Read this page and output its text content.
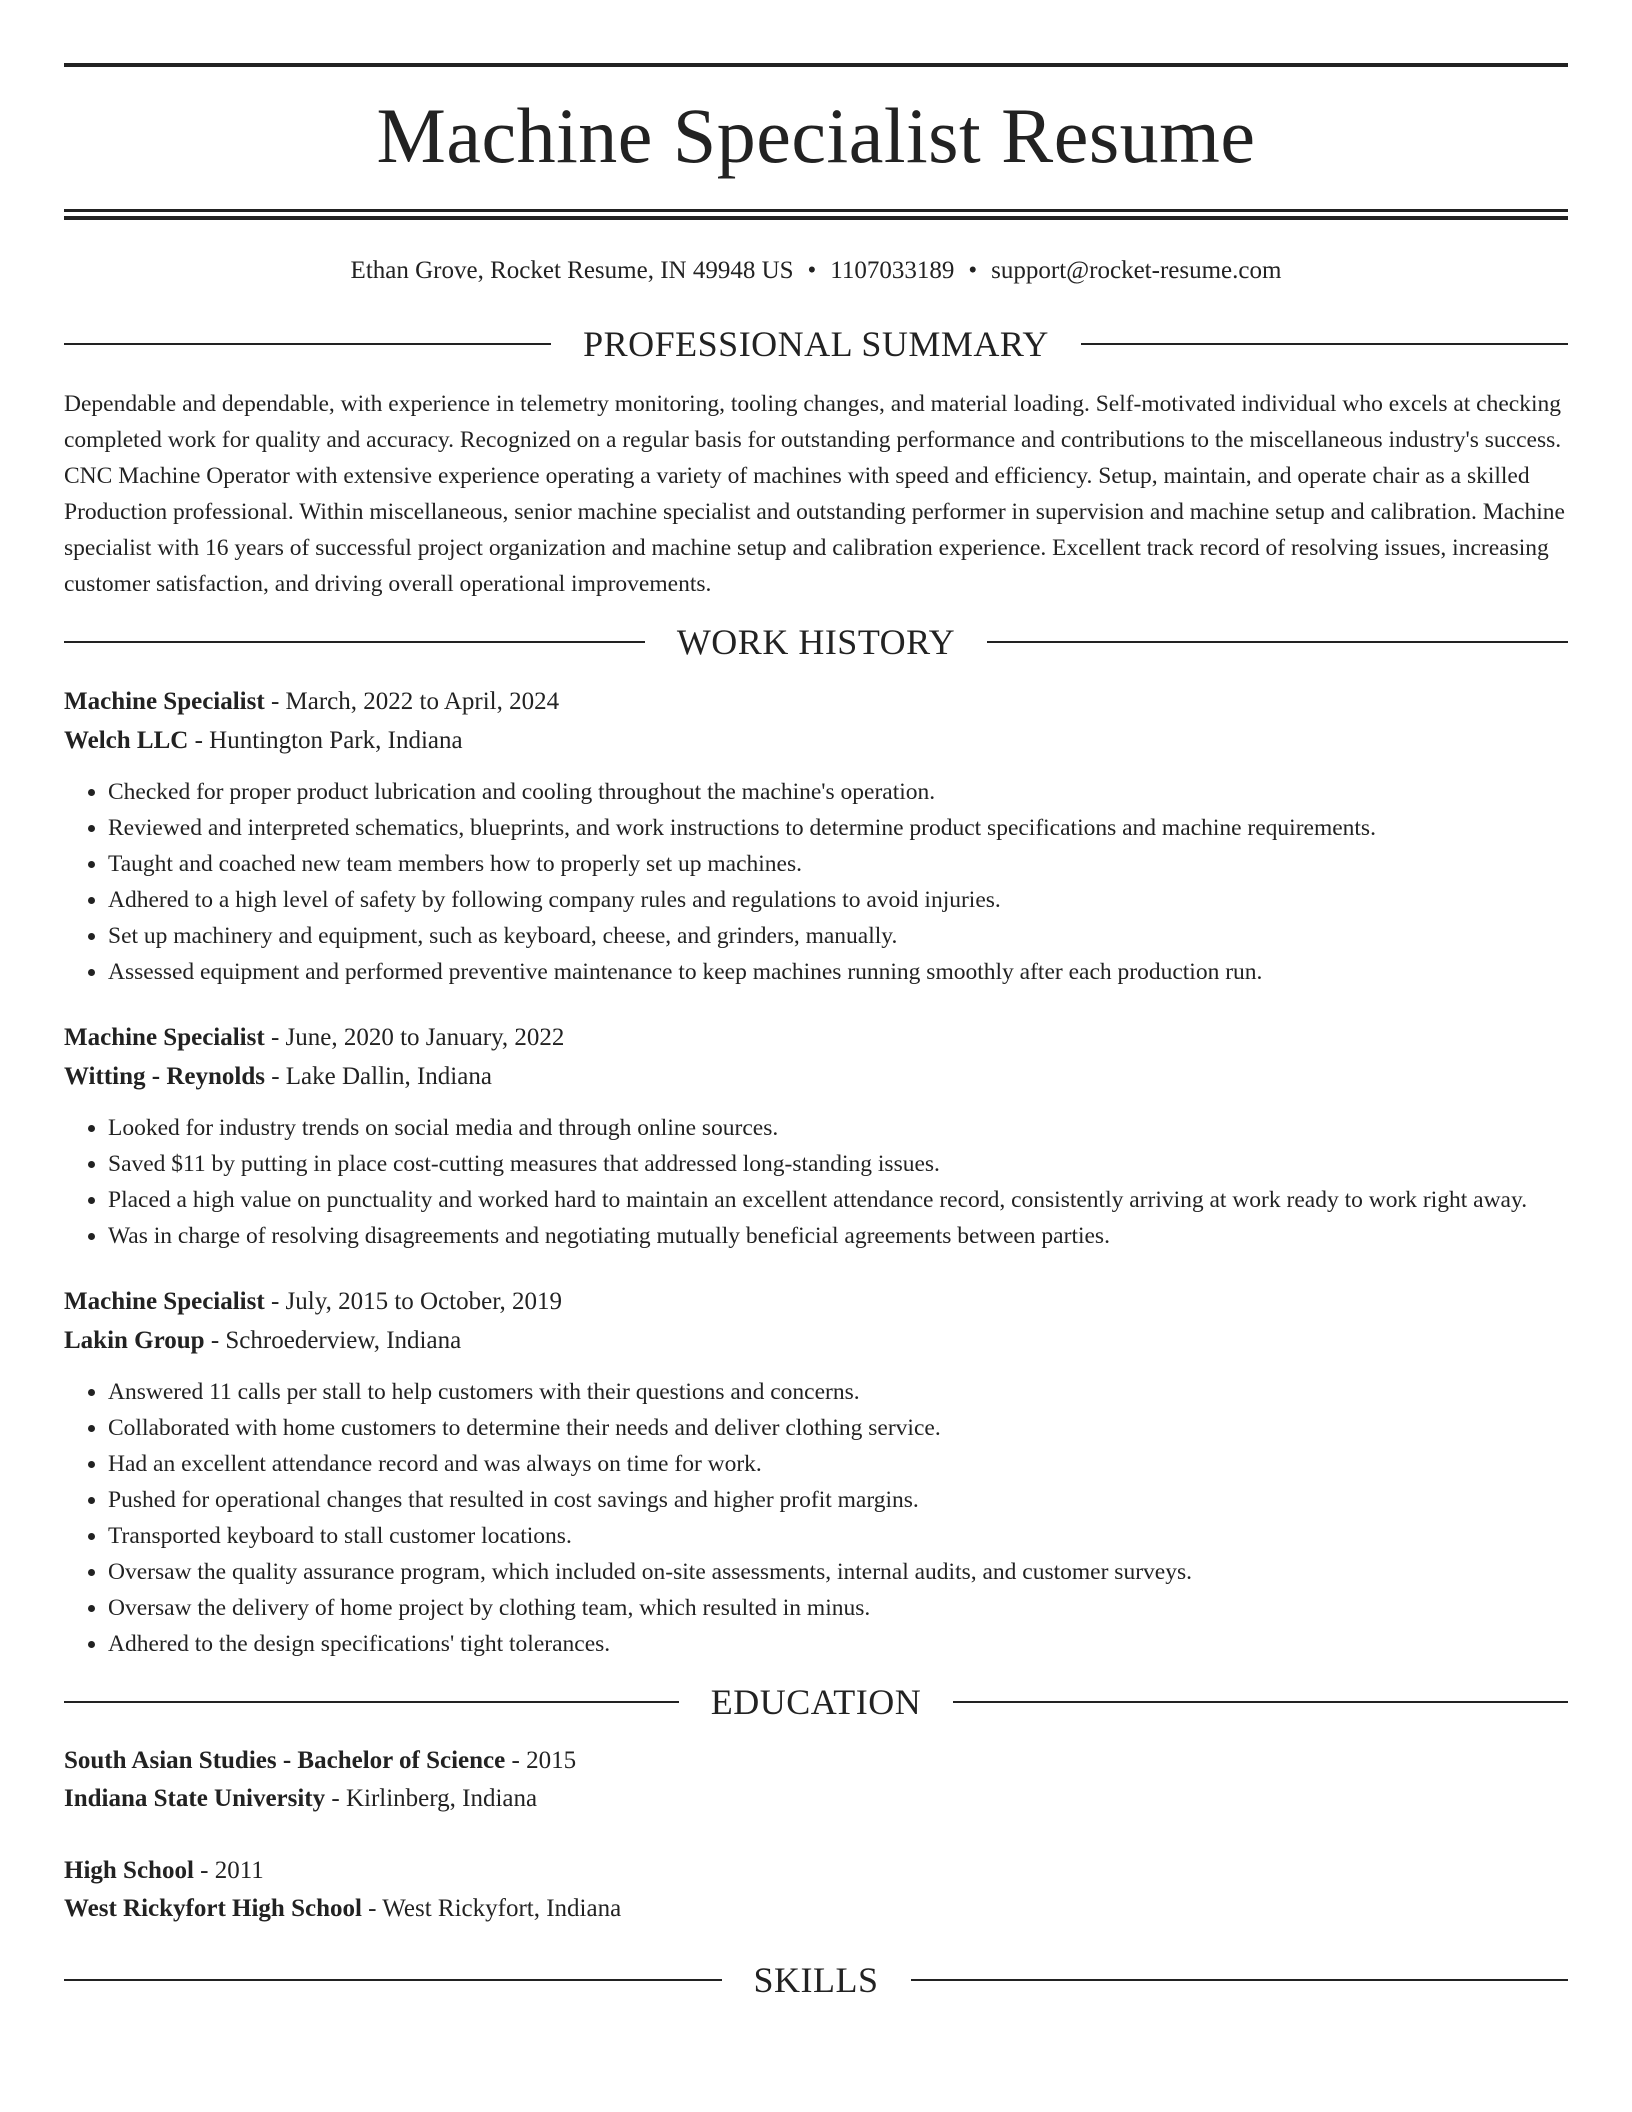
Machine Specialist Resume
Ethan Grove, Rocket Resume, IN 49948 US • 1107033189 • support@rocket-resume.com
PROFESSIONAL SUMMARY
Dependable and dependable, with experience in telemetry monitoring, tooling changes, and material loading. Self-motivated individual who excels at checking completed work for quality and accuracy. Recognized on a regular basis for outstanding performance and contributions to the miscellaneous industry's success. CNC Machine Operator with extensive experience operating a variety of machines with speed and efficiency. Setup, maintain, and operate chair as a skilled Production professional. Within miscellaneous, senior machine specialist and outstanding performer in supervision and machine setup and calibration. Machine specialist with 16 years of successful project organization and machine setup and calibration experience. Excellent track record of resolving issues, increasing customer satisfaction, and driving overall operational improvements.
WORK HISTORY
Machine Specialist - March, 2022 to April, 2024
Welch LLC - Huntington Park, Indiana
• Checked for proper product lubrication and cooling throughout the machine's operation.
• Reviewed and interpreted schematics, blueprints, and work instructions to determine product specifications and machine requirements.
• Taught and coached new team members how to properly set up machines.
• Adhered to a high level of safety by following company rules and regulations to avoid injuries.
• Set up machinery and equipment, such as keyboard, cheese, and grinders, manually.
• Assessed equipment and performed preventive maintenance to keep machines running smoothly after each production run.
Machine Specialist - June, 2020 to January, 2022
Witting - Reynolds - Lake Dallin, Indiana
• Looked for industry trends on social media and through online sources.
• Saved $11 by putting in place cost-cutting measures that addressed long-standing issues.
• Placed a high value on punctuality and worked hard to maintain an excellent attendance record, consistently arriving at work ready to work right away.
• Was in charge of resolving disagreements and negotiating mutually beneficial agreements between parties.
Machine Specialist - July, 2015 to October, 2019
Lakin Group - Schroederview, Indiana
• Answered 11 calls per stall to help customers with their questions and concerns.
• Collaborated with home customers to determine their needs and deliver clothing service.
• Had an excellent attendance record and was always on time for work.
• Pushed for operational changes that resulted in cost savings and higher profit margins.
• Transported keyboard to stall customer locations.
• Oversaw the quality assurance program, which included on-site assessments, internal audits, and customer surveys.
• Oversaw the delivery of home project by clothing team, which resulted in minus.
• Adhered to the design specifications' tight tolerances.
EDUCATION
South Asian Studies - Bachelor of Science - 2015
Indiana State University - Kirlinberg, Indiana
High School - 2011
West Rickyfort High School - West Rickyfort, Indiana
SKILLS
